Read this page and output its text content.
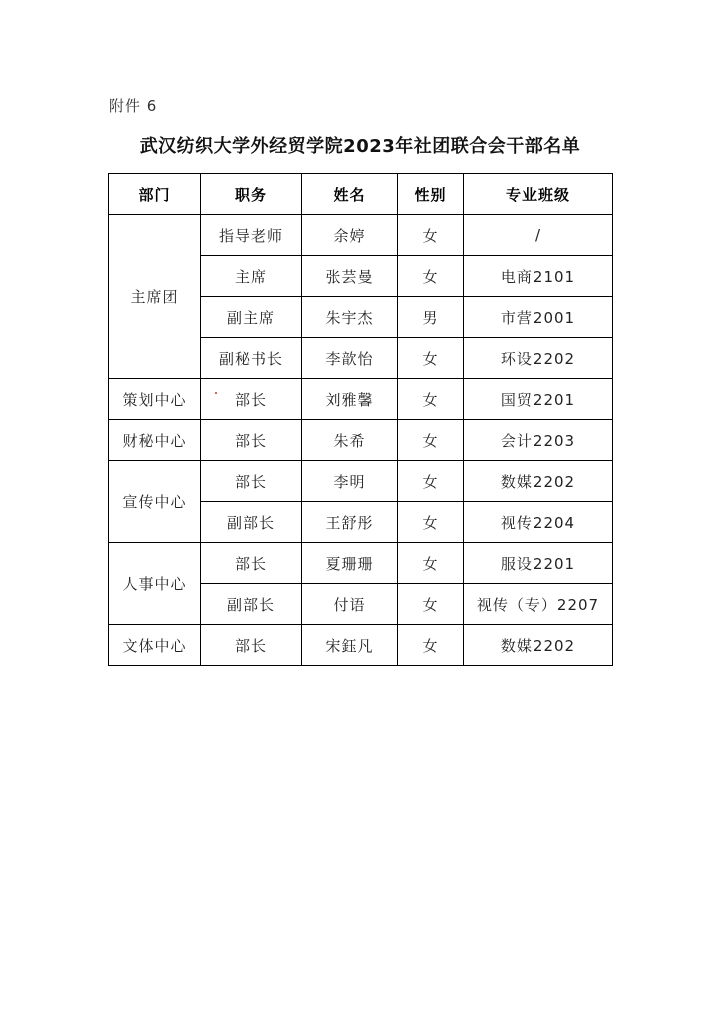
附件 6
武汉纺织大学外经贸学院2023年社团联合会干部名单
部门	职务	姓名	性别	专业班级
主席团	指导老师	余婷	女	/
	主席	张芸曼	女	电商2101
	副主席	朱宇杰	男	市营2001
	副秘书长	李歆怡	女	环设2202
策划中心	部长	刘雅馨	女	国贸2201
财秘中心	部长	朱希	女	会计2203
宣传中心	部长	李明	女	数媒2202
	副部长	王舒彤	女	视传2204
人事中心	部长	夏珊珊	女	服设2201
	副部长	付语	女	视传（专）2207
文体中心	部长	宋鈺凡	女	数媒2202
